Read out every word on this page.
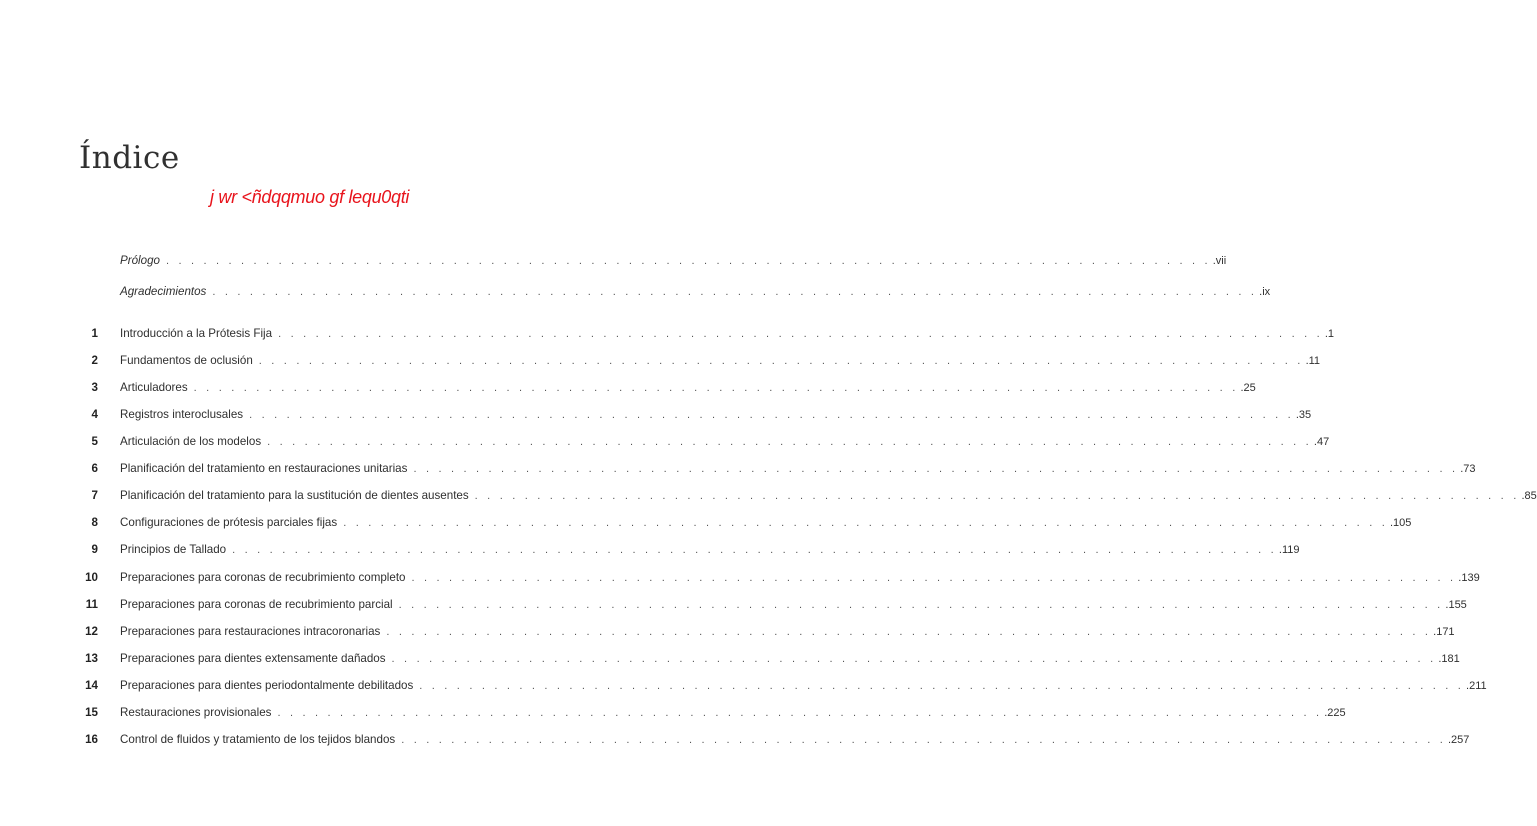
Índice
j wr <ñdqqmuo gf lequ0qti
Prólogo . . . . . . . . . . . . . . . . . . . . . . . . . . . . . . . . . . . . . . . . . . . . . . . . . . . . . . . . . . . . . . . . . . . . . . . . . . . . . . . . . . . . .vii
Agradecimientos . . . . . . . . . . . . . . . . . . . . . . . . . . . . . . . . . . . . . . . . . . . . . . . . . . . . . . . . . . . . . . . . . . . . . . . . . . . . . . . . . . . . .ix
1 Introducción a la Prótesis Fija . . . . . . . . . . . . . . . . . . . . . . . . . . . . . . . . . . . . . . . . . . . . . . . . . . . . . . . . . . . . . . . . . . . . . . . . . . . . . . . . . . . . .1
2 Fundamentos de oclusión . . . . . . . . . . . . . . . . . . . . . . . . . . . . . . . . . . . . . . . . . . . . . . . . . . . . . . . . . . . . . . . . . . . . . . . . . . . . . . . . . . . . .11
3 Articuladores . . . . . . . . . . . . . . . . . . . . . . . . . . . . . . . . . . . . . . . . . . . . . . . . . . . . . . . . . . . . . . . . . . . . . . . . . . . . . . . . . . . . .25
4 Registros interoclusales . . . . . . . . . . . . . . . . . . . . . . . . . . . . . . . . . . . . . . . . . . . . . . . . . . . . . . . . . . . . . . . . . . . . . . . . . . . . . . . . . . . . .35
5 Articulación de los modelos . . . . . . . . . . . . . . . . . . . . . . . . . . . . . . . . . . . . . . . . . . . . . . . . . . . . . . . . . . . . . . . . . . . . . . . . . . . . . . . . . . . . .47
6 Planificación del tratamiento en restauraciones unitarias . . . . . . . . . . . . . . . . . . . . . . . . . . . . . . . . . . . . . . . . . . . . . . . . . . . . . . . . . . . . . . . . . . . . . . . . . . . . . . . . . . . . .73
7 Planificación del tratamiento para la sustitución de dientes ausentes . . . . . . . . . . . . . . . . . . . . . . . . . . . . . . . . . . . . . . . . . . . . . . . . . . . . . . . . . . . . . . . . . . . . . . . . . . . . . . . . . . . . .85
8 Configuraciones de prótesis parciales fijas . . . . . . . . . . . . . . . . . . . . . . . . . . . . . . . . . . . . . . . . . . . . . . . . . . . . . . . . . . . . . . . . . . . . . . . . . . . . . . . . . . . . .105
9 Principios de Tallado . . . . . . . . . . . . . . . . . . . . . . . . . . . . . . . . . . . . . . . . . . . . . . . . . . . . . . . . . . . . . . . . . . . . . . . . . . . . . . . . . . . . .119
10 Preparaciones para coronas de recubrimiento completo . . . . . . . . . . . . . . . . . . . . . . . . . . . . . . . . . . . . . . . . . . . . . . . . . . . . . . . . . . . . . . . . . . . . . . . . . . . . . . . . . . . . .139
11 Preparaciones para coronas de recubrimiento parcial . . . . . . . . . . . . . . . . . . . . . . . . . . . . . . . . . . . . . . . . . . . . . . . . . . . . . . . . . . . . . . . . . . . . . . . . . . . . . . . . . . . . .155
12 Preparaciones para restauraciones intracoronarias . . . . . . . . . . . . . . . . . . . . . . . . . . . . . . . . . . . . . . . . . . . . . . . . . . . . . . . . . . . . . . . . . . . . . . . . . . . . . . . . . . . . .171
13 Preparaciones para dientes extensamente dañados . . . . . . . . . . . . . . . . . . . . . . . . . . . . . . . . . . . . . . . . . . . . . . . . . . . . . . . . . . . . . . . . . . . . . . . . . . . . . . . . . . . . .181
14 Preparaciones para dientes periodontalmente debilitados . . . . . . . . . . . . . . . . . . . . . . . . . . . . . . . . . . . . . . . . . . . . . . . . . . . . . . . . . . . . . . . . . . . . . . . . . . . . . . . . . . . . .211
15 Restauraciones provisionales . . . . . . . . . . . . . . . . . . . . . . . . . . . . . . . . . . . . . . . . . . . . . . . . . . . . . . . . . . . . . . . . . . . . . . . . . . . . . . . . . . . . .225
16 Control de fluidos y tratamiento de los tejidos blandos . . . . . . . . . . . . . . . . . . . . . . . . . . . . . . . . . . . . . . . . . . . . . . . . . . . . . . . . . . . . . . . . . . . . . . . . . . . . . . . . . . . . .257
